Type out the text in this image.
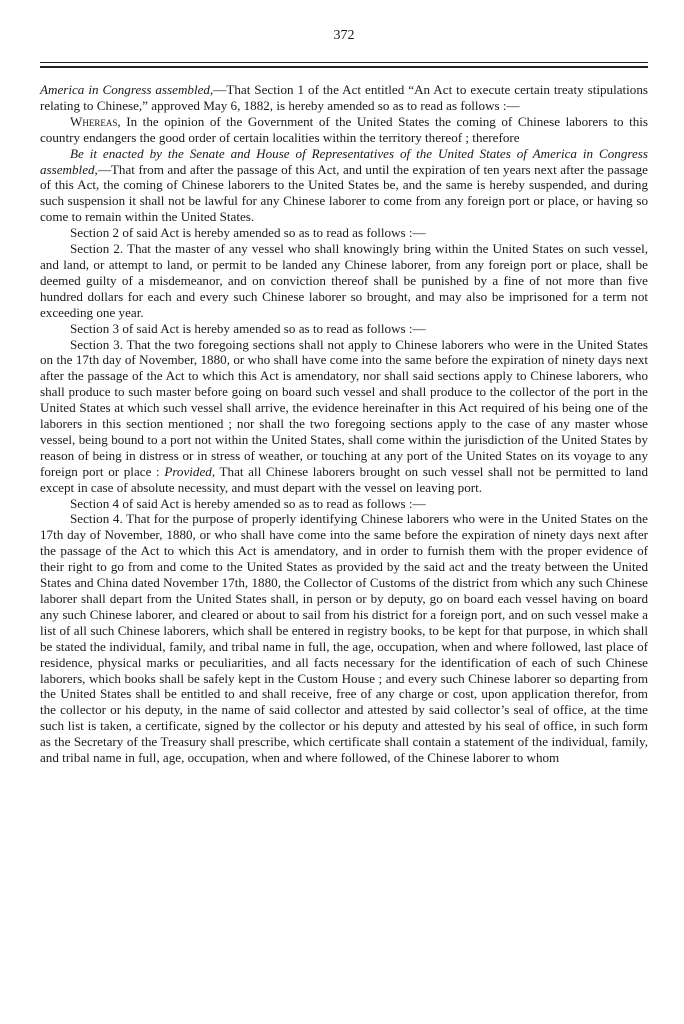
372

America in Congress assembled,—That Section 1 of the Act entitled “An Act to execute certain treaty stipulations relating to Chinese,” approved May 6, 1882, is hereby amended so as to read as follows :—

Whereas, In the opinion of the Government of the United States the coming of Chinese laborers to this country endangers the good order of certain localities within the territory thereof ; therefore

Be it enacted by the Senate and House of Representatives of the United States of America in Congress assembled,—That from and after the passage of this Act, and until the expiration of ten years next after the passage of this Act, the coming of Chinese laborers to the United States be, and the same is hereby suspended, and during such suspension it shall not be lawful for any Chinese laborer to come from any foreign port or place, or having so come to remain within the United States.

Section 2 of said Act is hereby amended so as to read as follows :—

Section 2. That the master of any vessel who shall knowingly bring within the United States on such vessel, and land, or attempt to land, or permit to be landed any Chinese laborer, from any foreign port or place, shall be deemed guilty of a misdemeanor, and on conviction thereof shall be punished by a fine of not more than five hundred dollars for each and every such Chinese laborer so brought, and may also be imprisoned for a term not exceeding one year.

Section 3 of said Act is hereby amended so as to read as follows :—

Section 3. That the two foregoing sections shall not apply to Chinese laborers who were in the United States on the 17th day of November, 1880, or who shall have come into the same before the expiration of ninety days next after the passage of the Act to which this Act is amendatory, nor shall said sections apply to Chinese laborers, who shall produce to such master before going on board such vessel and shall produce to the collector of the port in the United States at which such vessel shall arrive, the evidence hereinafter in this Act required of his being one of the laborers in this section mentioned ; nor shall the two foregoing sections apply to the case of any master whose vessel, being bound to a port not within the United States, shall come within the jurisdiction of the United States by reason of being in distress or in stress of weather, or touching at any port of the United States on its voyage to any foreign port or place : Provided, That all Chinese laborers brought on such vessel shall not be permitted to land except in case of absolute necessity, and must depart with the vessel on leaving port.

Section 4 of said Act is hereby amended so as to read as follows :—

Section 4. That for the purpose of properly identifying Chinese laborers who were in the United States on the 17th day of November, 1880, or who shall have come into the same before the expiration of ninety days next after the passage of the Act to which this Act is amendatory, and in order to furnish them with the proper evidence of their right to go from and come to the United States as provided by the said act and the treaty between the United States and China dated November 17th, 1880, the Collector of Customs of the district from which any such Chinese laborer shall depart from the United States shall, in person or by deputy, go on board each vessel having on board any such Chinese laborer, and cleared or about to sail from his district for a foreign port, and on such vessel make a list of all such Chinese laborers, which shall be entered in registry books, to be kept for that purpose, in which shall be stated the individual, family, and tribal name in full, the age, occupation, when and where followed, last place of residence, physical marks or peculiarities, and all facts necessary for the identification of each of such Chinese laborers, which books shall be safely kept in the Custom House ; and every such Chinese laborer so departing from the United States shall be entitled to and shall receive, free of any charge or cost, upon application therefor, from the collector or his deputy, in the name of said collector and attested by said collector’s seal of office, at the time such list is taken, a certificate, signed by the collector or his deputy and attested by his seal of office, in such form as the Secretary of the Treasury shall prescribe, which certificate shall contain a statement of the individual, family, and tribal name in full, age, occupation, when and where followed, of the Chinese laborer to whom
